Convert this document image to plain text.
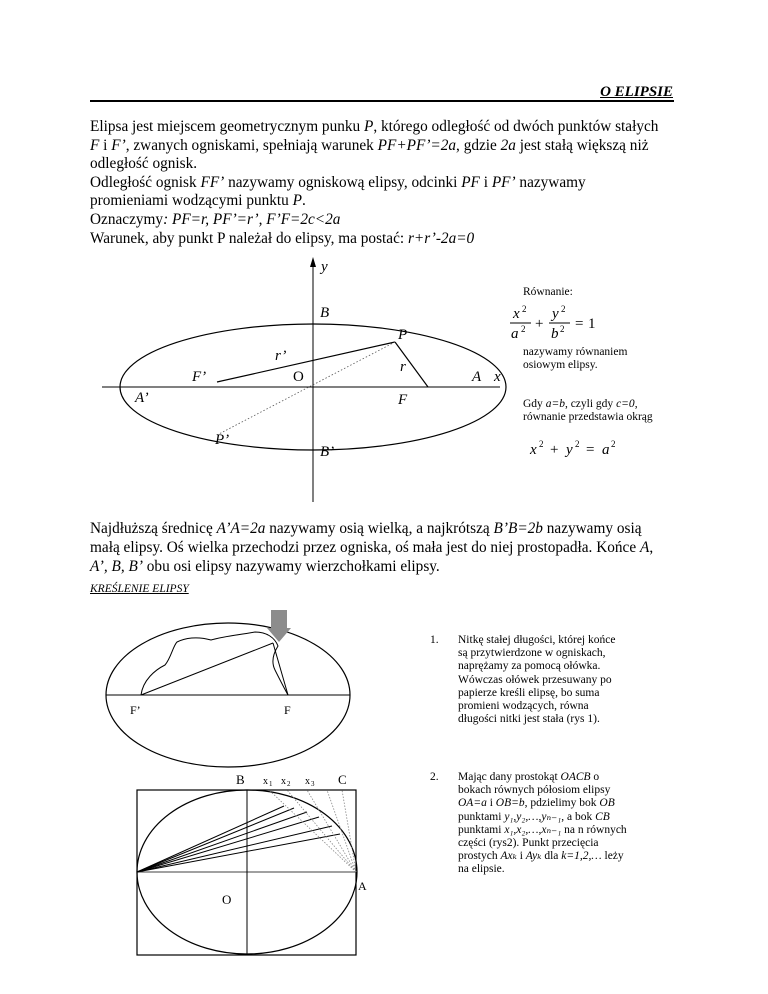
O ELIPSIE

Elipsa jest miejscem geometrycznym punku P, którego odległość od dwóch punktów stałych

F i F’, zwanych ogniskami, spełniają warunek PF+PF’=2a, gdzie 2a jest stałą większą niż

odległość ognisk.

Odległość ognisk FF’ nazywamy ogniskową elipsy, odcinki PF i PF’ nazywamy

promieniami wodzącymi punktu P.

Oznaczymy: PF=r, PF’=r’, F’F=2c<2a

Warunek, aby punkt P należał do elipsy, ma postać: r+r’-2a=0

y
x
B
B’
P
P’
F
F’	O	A
A’
r
r’
Równanie:
x 2
a 2 +
y 2
b 2 = 1
nazywamy równaniem
osiowym elipsy.
Gdy a=b, czyli gdy c=0,
równanie przedstawia okrąg
x 2 + y 2 = a 2

Najdłuższą średnicę A’A=2a nazywamy osią wielką, a najkrótszą B’B=2b nazywamy osią

małą elipsy. Oś wielka przechodzi przez ogniska, oś mała jest do niej prostopadła. Końce A,

A’, B, B’ obu osi elipsy nazywamy wierzchołkami elipsy.

KREŚLENIE ELIPSY
F’	F
B x 1 x 2 x 3 C
A
O
1. Nitkę stałej długości, której końce
są przytwierdzone w ogniskach,
naprężamy za pomocą ołówka.
Wówczas ołówek przesuwany po
papierze kreśli elipsę, bo suma
promieni wodzących, równa
długości nitki jest stała (rys 1).
2. Mając dany prostokąt OACB o
bokach równych półosiom elipsy
OA=a i OB=b, pdzielimy bok OB
punktami y₁,y₂,…,yₙ₋₁, a bok CB
punktami x₁,x₂,…,xₙ₋₁ na n równych
części (rys2). Punkt przecięcia
prostych Axₖ i Ayₖ dla k=1,2,… leży
na elipsie.
